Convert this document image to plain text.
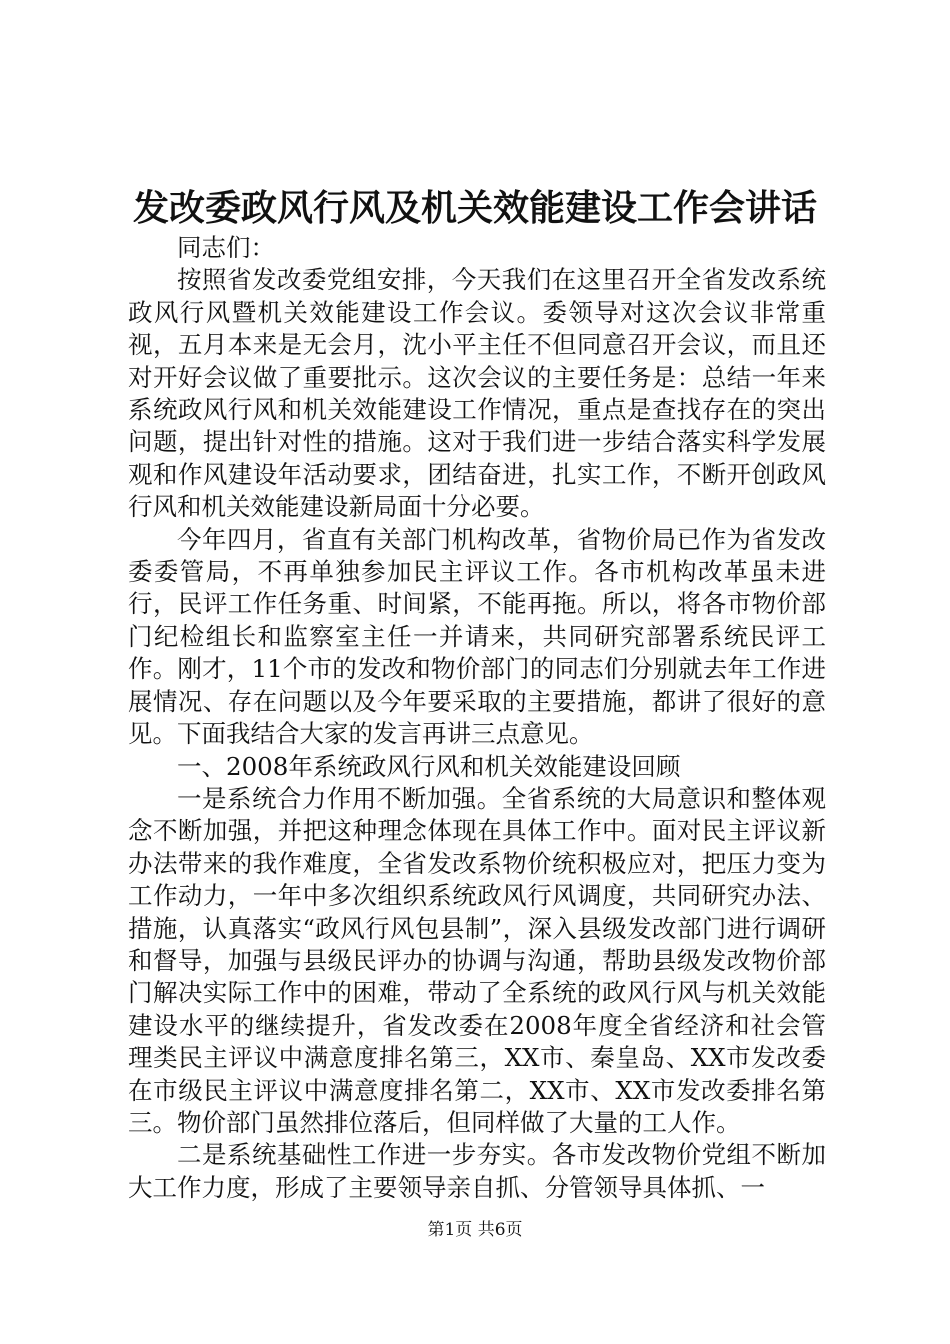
发改委政风行风及机关效能建设工作会讲话

同志们：

按照省发改委党组安排，今天我们在这里召开全省发改系统政风行风暨机关效能建设工作会议。委领导对这次会议非常重视，五月本来是无会月，沈小平主任不但同意召开会议，而且还对开好会议做了重要批示。这次会议的主要任务是：总结一年来系统政风行风和机关效能建设工作情况，重点是查找存在的突出问题，提出针对性的措施。这对于我们进一步结合落实科学发展观和作风建设年活动要求，团结奋进，扎实工作，不断开创政风行风和机关效能建设新局面十分必要。

今年四月，省直有关部门机构改革，省物价局已作为省发改委委管局，不再单独参加民主评议工作。各市机构改革虽未进行，民评工作任务重、时间紧，不能再拖。所以，将各市物价部门纪检组长和监察室主任一并请来，共同研究部署系统民评工作。刚才，11个市的发改和物价部门的同志们分别就去年工作进展情况、存在问题以及今年要采取的主要措施，都讲了很好的意见。下面我结合大家的发言再讲三点意见。

一、2008年系统政风行风和机关效能建设回顾

一是系统合力作用不断加强。全省系统的大局意识和整体观念不断加强，并把这种理念体现在具体工作中。面对民主评议新办法带来的我作难度，全省发改系物价统积极应对，把压力变为工作动力，一年中多次组织系统政风行风调度，共同研究办法、措施，认真落实“政风行风包县制”，深入县级发改部门进行调研和督导，加强与县级民评办的协调与沟通，帮助县级发改物价部门解决实际工作中的困难，带动了全系统的政风行风与机关效能建设水平的继续提升，省发改委在2008年度全省经济和社会管理类民主评议中满意度排名第三，XX市、秦皇岛、XX市发改委在市级民主评议中满意度排名第二，XX市、XX市发改委排名第三。物价部门虽然排位落后，但同样做了大量的工人作。

二是系统基础性工作进一步夯实。各市发改物价党组不断加大工作力度，形成了主要领导亲自抓、分管领导具体抓、一

第1页 共6页
